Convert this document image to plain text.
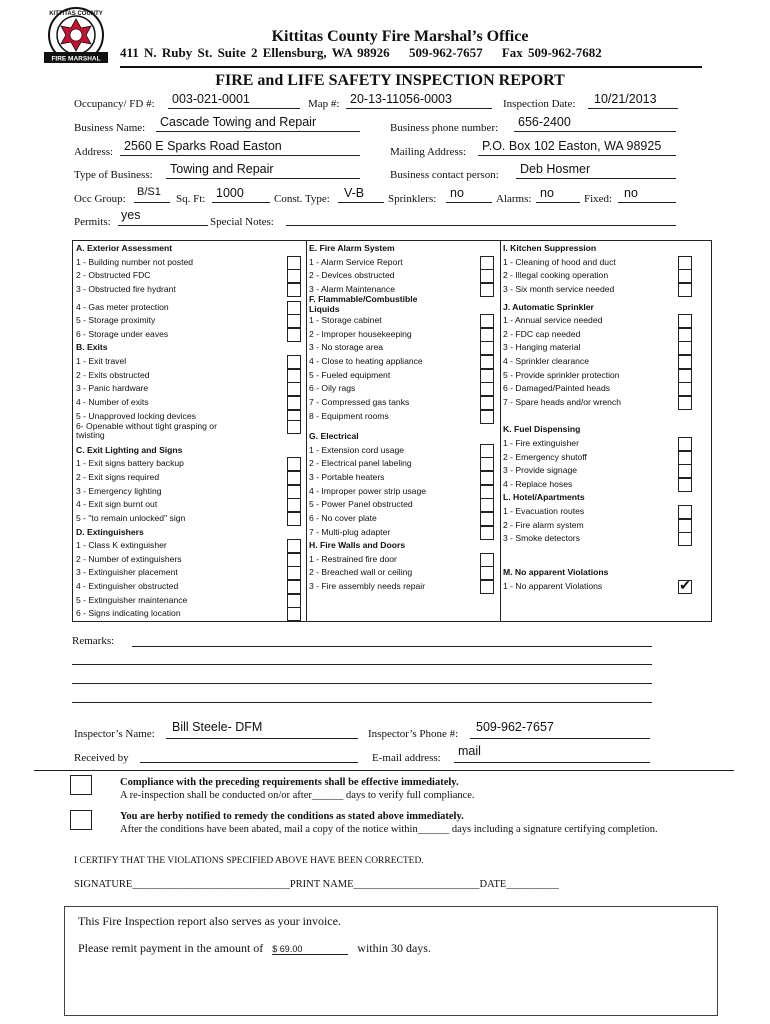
FIRE MARSHAL
KITTITAS COUNTY
Kittitas County Fire Marshal’s Office
411 N. Ruby St. Suite 2 Ellensburg, WA 98926 509-962-7657 Fax 509-962-7682
FIRE and LIFE SAFETY INSPECTION REPORT
Occupancy/ FD #: 003-021-0001	Map #: 20-13-11056-0003	Inspection Date: 10/21/2013
Business Name: Cascade Towing and Repair	Business phone number: 656-2400
Address: 2560 E Sparks Road Easton	Mailing Address: P.O. Box 102 Easton, WA 98925
Type of Business: Towing and Repair	Business contact person: Deb Hosmer
Occ Group:
B/S1
Sq. Ft: 1000	Const. Type: V-B Sprinklers: no	Alarms: no	Fixed: no
Permits: yes	Special Notes:
A. Exterior Assessment
1 - Building number not posted
2 - Obstructed FDC
3 - Obstructed fire hydrant
4 - Gas meter protection
5 - Storage proximity
6 - Storage under eaves
B. Exits
1 - Exit travel
2 - Exits obstructed
3 - Panic hardware
4 - Number of exits
5 - Unapproved locking devices
6- Openable without tight grasping or
twisting
C. Exit Lighting and Signs
1 - Exit signs battery backup
2 - Exit signs required
3 - Emergency lighting
4 - Exit sign burnt out
5 - "to remain unlocked" sign
D. Extinguishers
1 - Class K extinguisher
2 - Number of extinguishers
3 - Extinguisher placement
4 - Extinguisher obstructed
5 - Extinguisher maintenance
6 - Signs indicating location
E. Fire Alarm System
1 - Alarm Service Report
2 - Devices obstructed
3 - Alarm Maintenance
F. Flammable/Combustible
Liquids
1 - Storage cabinet
2 - Improper housekeeping
3 - No storage area
4 - Close to heating appliance
5 - Fueled equipment
6 - Oily rags
7 - Compressed gas tanks
8 - Equipment rooms
G. Electrical
1 - Extension cord usage
2 - Electrical panel labeling
3 - Portable heaters
4 - Improper power strip usage
5 - Power Panel obstructed
6 - No cover plate
7 - Multi-plug adapter
H. Fire Walls and Doors
1 - Restrained fire door
2 - Breached wall or ceiling
3 - Fire assembly needs repair
I. Kitchen Suppression
1 - Cleaning of hood and duct
2 - Illegal cooking operation
3 - Six month service needed
J. Automatic Sprinkler
1 - Annual service needed
2 - FDC cap needed
3 - Hanging material
4 - Sprinkler clearance
5 - Provide sprinkler protection
6 - Damaged/Painted heads
7 - Spare heads and/or wrench
K. Fuel Dispensing
1 - Fire extinguisher
2 - Emergency shutoff
3 - Provide signage
4 - Replace hoses
L. Hotel/Apartments
1 - Evacuation routes
2 - Fire alarm system
3 - Smoke detectors
M. No apparent Violations
1 - No apparent Violations	✔
Remarks:
Inspector’s Name: Bill Steele- DFM	Inspector’s Phone #: 509-962-7657
Received by	E-mail address: mail
Compliance with the preceding requirements shall be effective immediately.
A re-inspection shall be conducted on/or after______ days to verify full compliance.
You are herby notified to remedy the conditions as stated above immediately.
After the conditions have been abated, mail a copy of the notice within______ days including a signature certifying completion.
I CERTIFY THAT THE VIOLATIONS SPECIFIED ABOVE HAVE BEEN CORRECTED.
SIGNATURE______________________________PRINT NAME________________________DATE__________
This Fire Inspection report also serves as your invoice.
Please remit payment in the amount of $ 69.00	within 30 days.
